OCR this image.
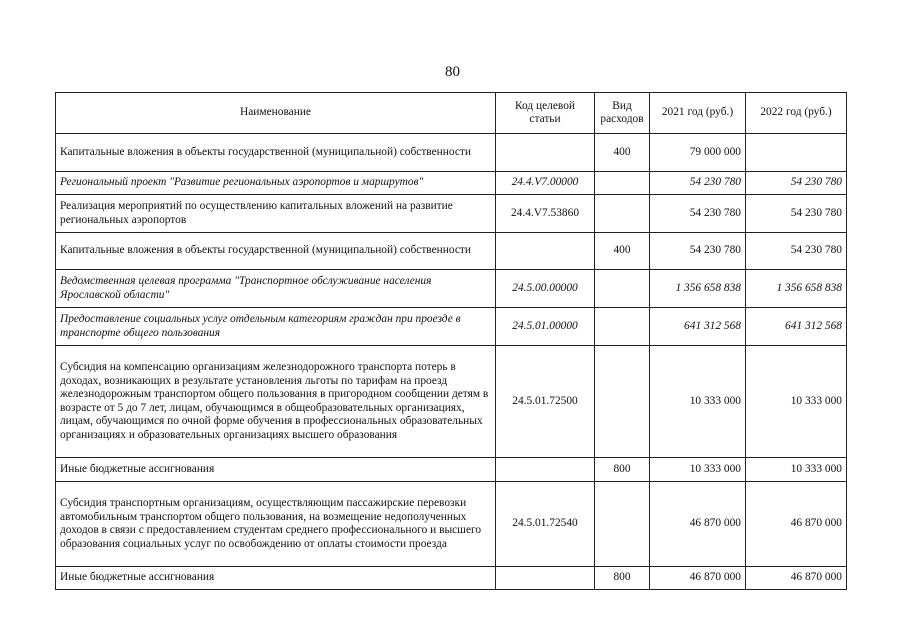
80
Наименование	Код целевой статьи	Вид расходов	2021 год (руб.)	2022 год (руб.)
Капитальные вложения в объекты государственной (муниципальной) собственности		400	79 000 000	
Региональный проект "Развитие региональных аэропортов и маршрутов"	24.4.V7.00000		54 230 780	54 230 780
Реализация мероприятий по осуществлению капитальных вложений на развитие региональных аэропортов	24.4.V7.53860		54 230 780	54 230 780
Капитальные вложения в объекты государственной (муниципальной) собственности		400	54 230 780	54 230 780
Ведомственная целевая программа "Транспортное обслуживание населения Ярославской области"	24.5.00.00000		1 356 658 838	1 356 658 838
Предоставление социальных услуг отдельным категориям граждан при проезде в транспорте общего пользования	24.5.01.00000		641 312 568	641 312 568
Субсидия на компенсацию организациям железнодорожного транспорта потерь в доходах, возникающих в результате установления льготы по тарифам на проезд железнодорожным транспортом общего пользования в пригородном сообщении детям в возрасте от 5 до 7 лет, лицам, обучающимся в общеобразовательных организациях, лицам, обучающимся по очной форме обучения в профессиональных образовательных организациях и образовательных организациях высшего образования	24.5.01.72500		10 333 000	10 333 000
Иные бюджетные ассигнования		800	10 333 000	10 333 000
Субсидия транспортным организациям, осуществляющим пассажирские перевозки автомобильным транспортом общего пользования, на возмещение недополученных доходов в связи с предоставлением студентам среднего профессионального и высшего образования социальных услуг по освобождению от оплаты стоимости проезда	24.5.01.72540		46 870 000	46 870 000
Иные бюджетные ассигнования		800	46 870 000	46 870 000
